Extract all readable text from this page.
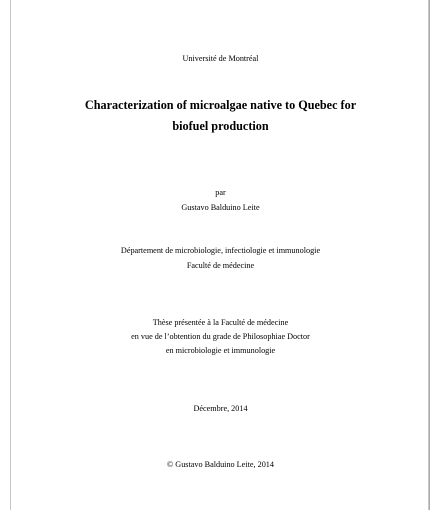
Université de Montréal
Characterization of microalgae native to Quebec for
biofuel production
par
Gustavo Balduino Leite
Département de microbiologie, infectiologie et immunologie
Faculté de médecine
Thèse présentée à la Faculté de médecine
en vue de l’obtention du grade de Philosophiae Doctor
en microbiologie et immunologie
Décembre, 2014
© Gustavo Balduino Leite, 2014
